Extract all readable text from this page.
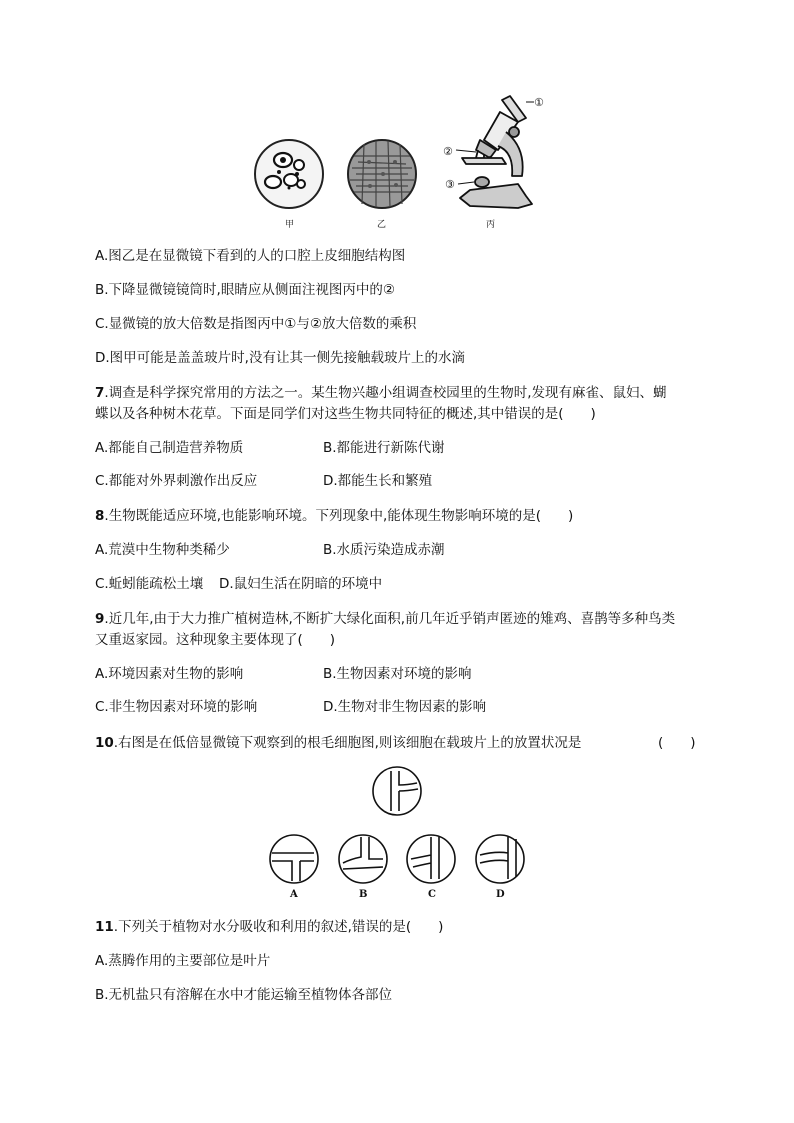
甲	乙
①
②
③
丙
A.图乙是在显微镜下看到的人的口腔上皮细胞结构图
B.下降显微镜镜筒时,眼睛应从侧面注视图丙中的②
C.显微镜的放大倍数是指图丙中①与②放大倍数的乘积
D.图甲可能是盖盖玻片时,没有让其一侧先接触载玻片上的水滴
7.调查是科学探究常用的方法之一。某生物兴趣小组调查校园里的生物时,发现有麻雀、鼠妇、蝴
蝶以及各种树木花草。下面是同学们对这些生物共同特征的概述,其中错误的是(　　)
A.都能自己制造营养物质	B.都能进行新陈代谢
C.都能对外界刺激作出反应	D.都能生长和繁殖
8.生物既能适应环境,也能影响环境。下列现象中,能体现生物影响环境的是(　　)
A.荒漠中生物种类稀少	B.水质污染造成赤潮
C.蚯蚓能疏松土壤 D.鼠妇生活在阴暗的环境中
9.近几年,由于大力推广植树造林,不断扩大绿化面积,前几年近乎销声匿迹的雉鸡、喜鹊等多种鸟类
又重返家园。这种现象主要体现了(　　)
A.环境因素对生物的影响	B.生物因素对环境的影响
C.非生物因素对环境的影响	D.生物对非生物因素的影响
10.右图是在低倍显微镜下观察到的根毛细胞图,则该细胞在载玻片上的放置状况是	(　　)
A	B	C	D
11.下列关于植物对水分吸收和利用的叙述,错误的是(　　)
A.蒸腾作用的主要部位是叶片
B.无机盐只有溶解在水中才能运输至植物体各部位
